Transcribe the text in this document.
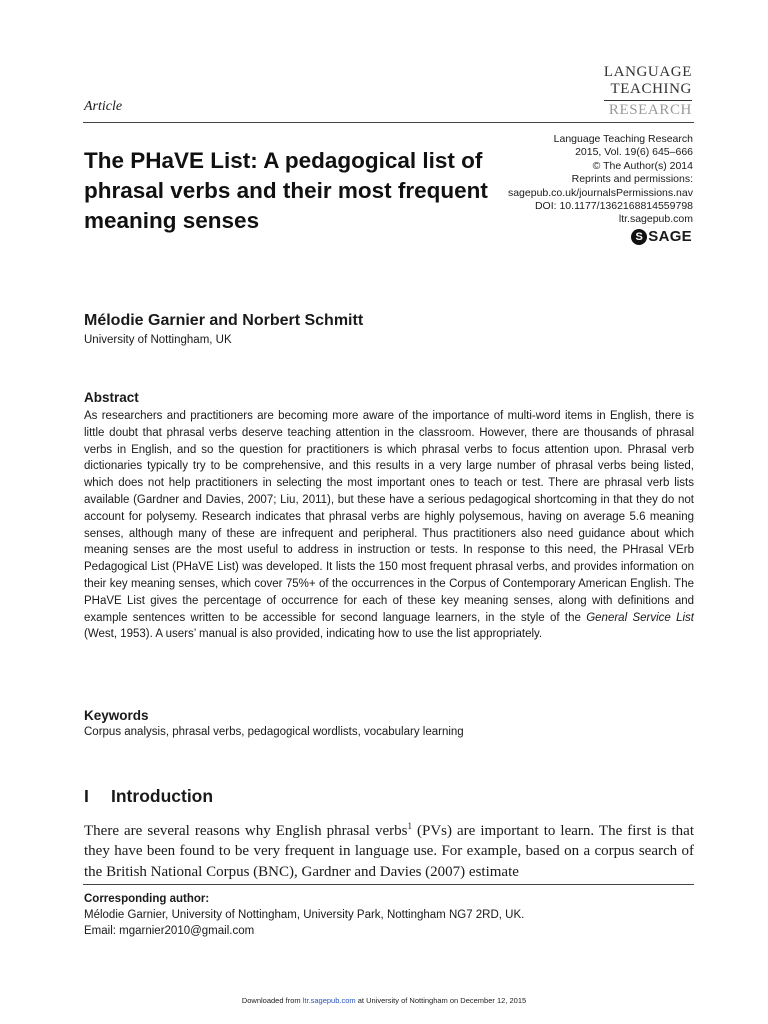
LANGUAGE
TEACHING
RESEARCH
Article
The PHaVE List: A pedagogical list of phrasal verbs and their most frequent meaning senses
Language Teaching Research
2015, Vol. 19(6) 645–666
© The Author(s) 2014
Reprints and permissions:
sagepub.co.uk/journalsPermissions.nav
DOI: 10.1177/1362168814559798
ltr.sagepub.com
S SAGE
Mélodie Garnier and Norbert Schmitt
University of Nottingham, UK
Abstract
As researchers and practitioners are becoming more aware of the importance of multi-word items in English, there is little doubt that phrasal verbs deserve teaching attention in the classroom. However, there are thousands of phrasal verbs in English, and so the question for practitioners is which phrasal verbs to focus attention upon. Phrasal verb dictionaries typically try to be comprehensive, and this results in a very large number of phrasal verbs being listed, which does not help practitioners in selecting the most important ones to teach or test. There are phrasal verb lists available (Gardner and Davies, 2007; Liu, 2011), but these have a serious pedagogical shortcoming in that they do not account for polysemy. Research indicates that phrasal verbs are highly polysemous, having on average 5.6 meaning senses, although many of these are infrequent and peripheral. Thus practitioners also need guidance about which meaning senses are the most useful to address in instruction or tests. In response to this need, the PHrasal VErb Pedagogical List (PHaVE List) was developed. It lists the 150 most frequent phrasal verbs, and provides information on their key meaning senses, which cover 75%+ of the occurrences in the Corpus of Contemporary American English. The PHaVE List gives the percentage of occurrence for each of these key meaning senses, along with definitions and example sentences written to be accessible for second language learners, in the style of the General Service List (West, 1953). A users’ manual is also provided, indicating how to use the list appropriately.
Keywords
Corpus analysis, phrasal verbs, pedagogical wordlists, vocabulary learning
I Introduction
There are several reasons why English phrasal verbs$^1$ (PVs) are important to learn. The first is that they have been found to be very frequent in language use. For example, based on a corpus search of the British National Corpus (BNC), Gardner and Davies (2007) estimate
Corresponding author:
Mélodie Garnier, University of Nottingham, University Park, Nottingham NG7 2RD, UK.
Email: mgarnier2010@gmail.com
Downloaded from ltr.sagepub.com at University of Nottingham on December 12, 2015
